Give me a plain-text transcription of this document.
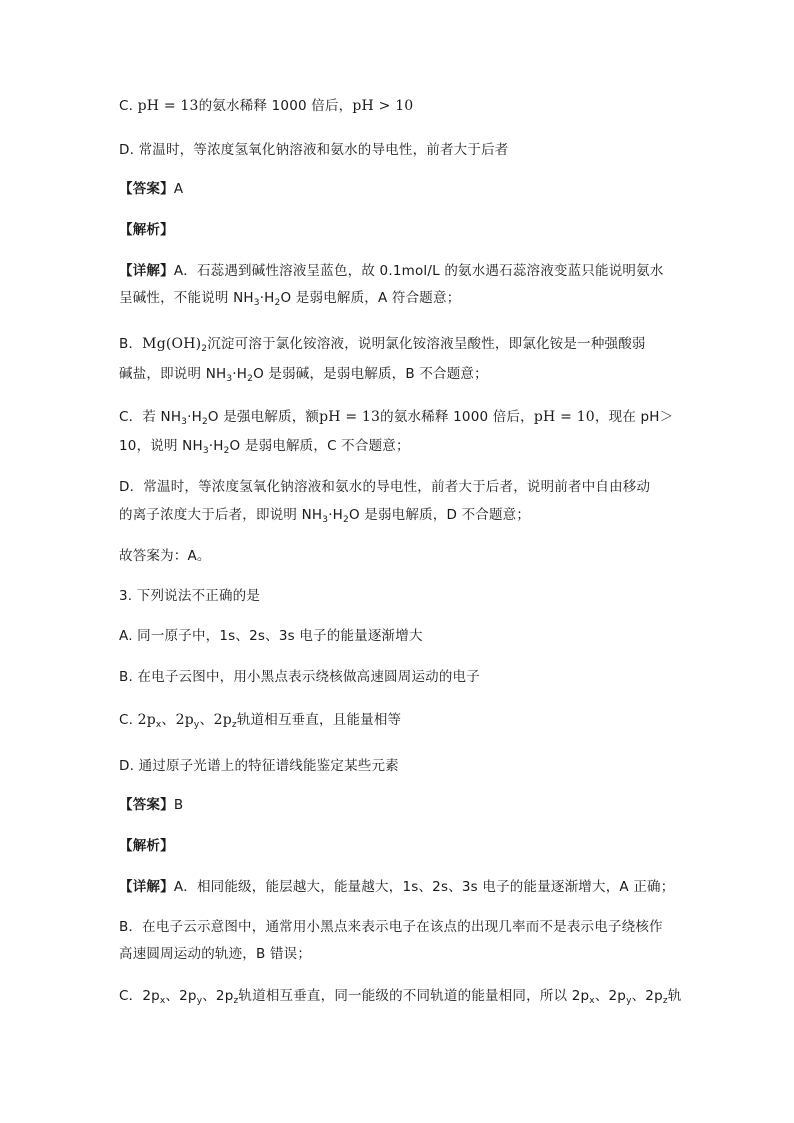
C. pH = 13的氨水稀释 1000 倍后，pH > 10
D. 常温时，等浓度氢氧化钠溶液和氨水的导电性，前者大于后者
【答案】A
【解析】
【详解】A．石蕊遇到碱性溶液呈蓝色，故 0.1mol/L 的氨水遇石蕊溶液变蓝只能说明氨水
呈碱性，不能说明 $NH_3\cdot H_2O$ 是弱电解质，A 符合题意；
B．$Mg(OH)_2$沉淀可溶于氯化铵溶液，说明氯化铵溶液呈酸性，即氯化铵是一种强酸弱
碱盐，即说明 $NH_3\cdot H_2O$ 是弱碱，是弱电解质，B 不合题意；
C．若 $NH_3\cdot H_2O$ 是强电解质，额pH = 13的氨水稀释 1000 倍后，pH = 10，现在 pH＞
10，说明 $NH_3\cdot H_2O$ 是弱电解质，C 不合题意；
D．常温时，等浓度氢氧化钠溶液和氨水的导电性，前者大于后者，说明前者中自由移动
的离子浓度大于后者，即说明 $NH_3\cdot H_2O$ 是弱电解质，D 不合题意；
故答案为：A。
3. 下列说法不正确的是
A. 同一原子中，1s、2s、3s 电子的能量逐渐增大
B. 在电子云图中，用小黑点表示绕核做高速圆周运动的电子
C. $2p_x$、$2p_y$、$2p_z$轨道相互垂直，且能量相等
D. 通过原子光谱上的特征谱线能鉴定某些元素
【答案】B
【解析】
【详解】A．相同能级，能层越大，能量越大，1s、2s、3s 电子的能量逐渐增大，A 正确；
B．在电子云示意图中，通常用小黑点来表示电子在该点的出现几率而不是表示电子绕核作
高速圆周运动的轨迹，B 错误；
C．$2p_x$、$2p_y$、$2p_z$轨道相互垂直，同一能级的不同轨道的能量相同，所以 $2p_x$、$2p_y$、$2p_z$轨
